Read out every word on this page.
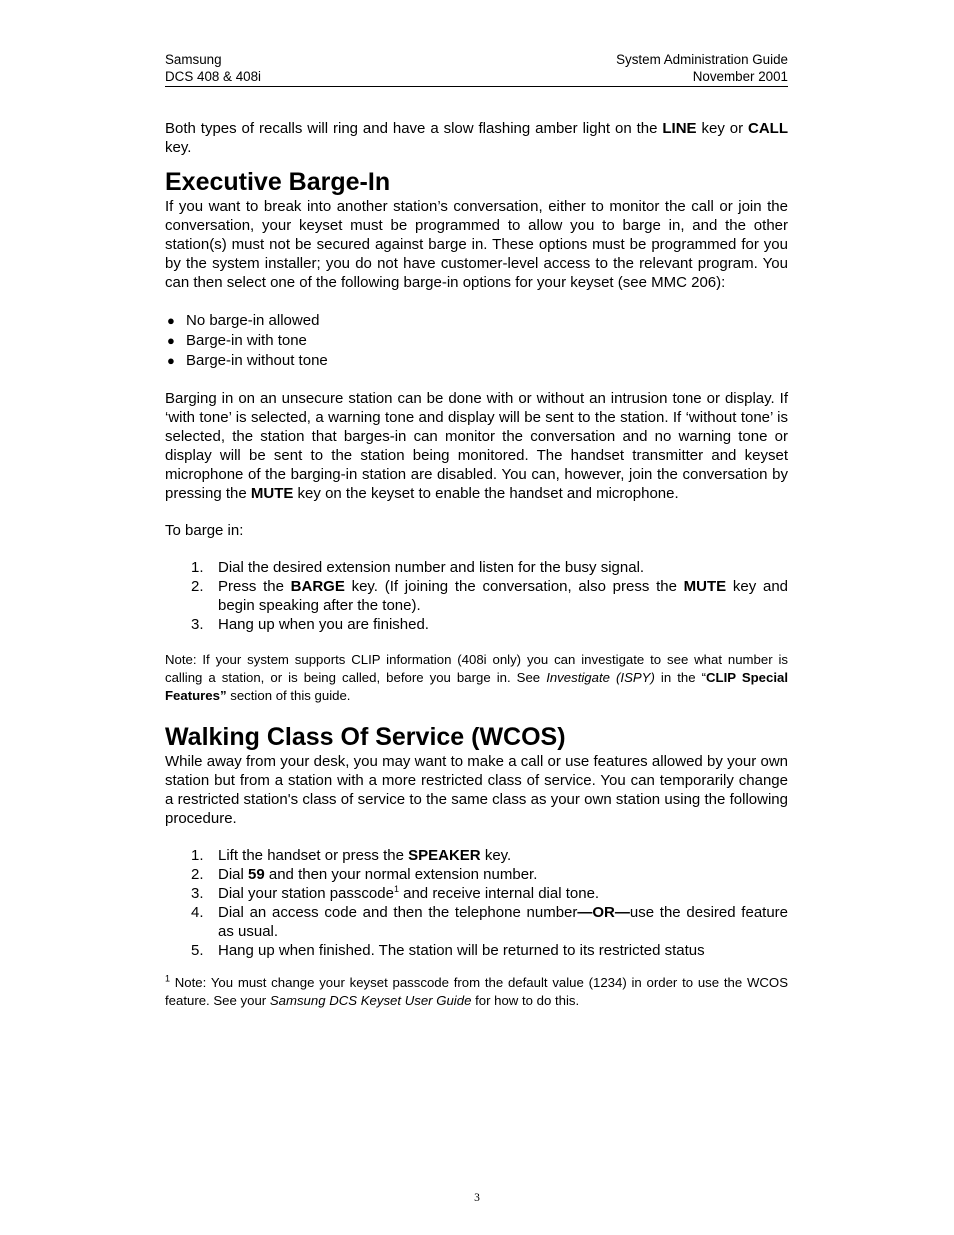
Samsung
DCS 408 & 408i
System Administration Guide
November 2001

Both types of recalls will ring and have a slow flashing amber light on the LINE key or CALL key.

Executive Barge-In

If you want to break into another station’s conversation, either to monitor the call or join the conversation, your keyset must be programmed to allow you to barge in, and the other station(s) must not be secured against barge in. These options must be programmed for you by the system installer; you do not have customer-level access to the relevant program. You can then select one of the following barge-in options for your keyset (see MMC 206):

● No barge-in allowed
● Barge-in with tone
● Barge-in without tone

Barging in on an unsecure station can be done with or without an intrusion tone or display. If ‘with tone’ is selected, a warning tone and display will be sent to the station. If ‘without tone’ is selected, the station that barges-in can monitor the conversation and no warning tone or display will be sent to the station being monitored. The handset transmitter and keyset microphone of the barging-in station are disabled. You can, however, join the conversation by pressing the MUTE key on the keyset to enable the handset and microphone.

To barge in:

1. Dial the desired extension number and listen for the busy signal.
2. Press the BARGE key. (If joining the conversation, also press the MUTE key and begin speaking after the tone).
3. Hang up when you are finished.

Note: If your system supports CLIP information (408i only) you can investigate to see what number is calling a station, or is being called, before you barge in. See Investigate (ISPY) in the “CLIP Special Features” section of this guide.

Walking Class Of Service (WCOS)

While away from your desk, you may want to make a call or use features allowed by your own station but from a station with a more restricted class of service. You can temporarily change a restricted station's class of service to the same class as your own station using the following procedure.

1. Lift the handset or press the SPEAKER key.
2. Dial 59 and then your normal extension number.
3. Dial your station passcode$^1$ and receive internal dial tone.
4. Dial an access code and then the telephone number—OR—use the desired feature as usual.
5. Hang up when finished. The station will be returned to its restricted status

$^1$ Note: You must change your keyset passcode from the default value (1234) in order to use the WCOS feature. See your Samsung DCS Keyset User Guide for how to do this.

3
